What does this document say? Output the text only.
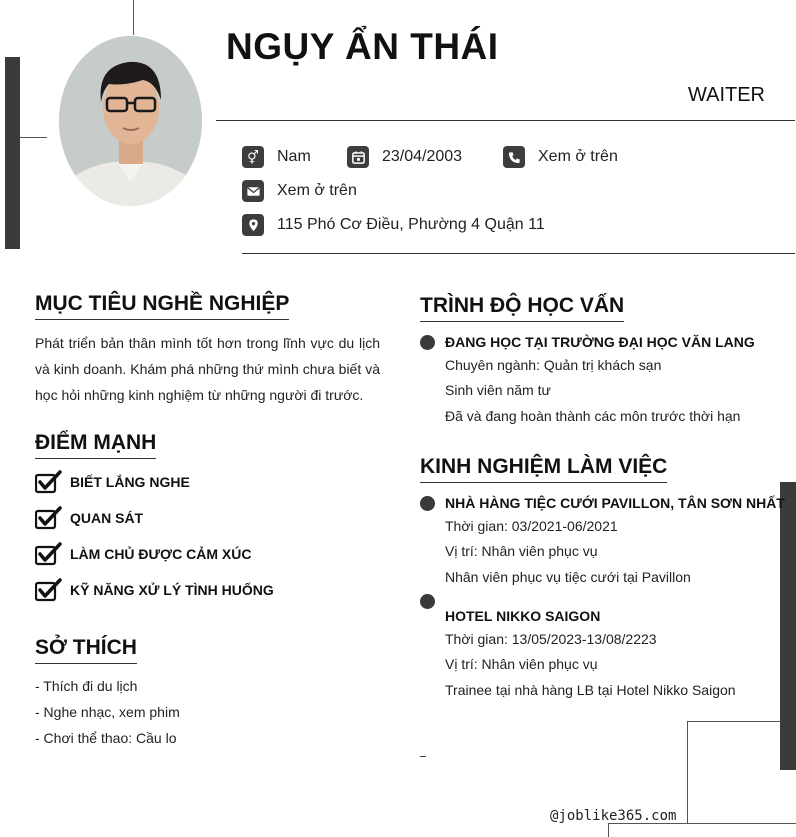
NGỤY ẨN THÁI
WAITER
⚥	Nam	23/04/2003	Xem ở trên
Xem ở trên
115 Phó Cơ Điều, Phường 4 Quận 11
MỤC TIÊU NGHỀ NGHIỆP
Phát triển bản thân mình tốt hơn trong lĩnh vực du lịch và kinh doanh. Khám phá những thứ mình chưa biết và học hỏi những kinh nghiệm từ những người đi trước.
ĐIỂM MẠNH
BIẾT LẮNG NGHE
QUAN SÁT
LÀM CHỦ ĐƯỢC CẢM XÚC
KỸ NĂNG XỬ LÝ TÌNH HUỐNG
SỞ THÍCH
- Thích đi du lịch
- Nghe nhạc, xem phim
- Chơi thể thao: Cầu lo
TRÌNH ĐỘ HỌC VẤN
ĐANG HỌC TẠI TRƯỜNG ĐẠI HỌC VĂN LANG
Chuyên ngành: Quản trị khách sạn
Sinh viên năm tư
Đã và đang hoàn thành các môn trước thời hạn
KINH NGHIỆM LÀM VIỆC
NHÀ HÀNG TIỆC CƯỚI PAVILLON, TÂN SƠN NHẤT
Thời gian: 03/2021-06/2021
Vị trí: Nhân viên phục vụ
Nhân viên phục vụ tiệc cưới tại Pavillon
HOTEL NIKKO SAIGON
Thời gian: 13/05/2023-13/08/2223
Vị trí: Nhân viên phục vụ
Trainee tại nhà hàng LB tại Hotel Nikko Saigon
@joblike365.com
